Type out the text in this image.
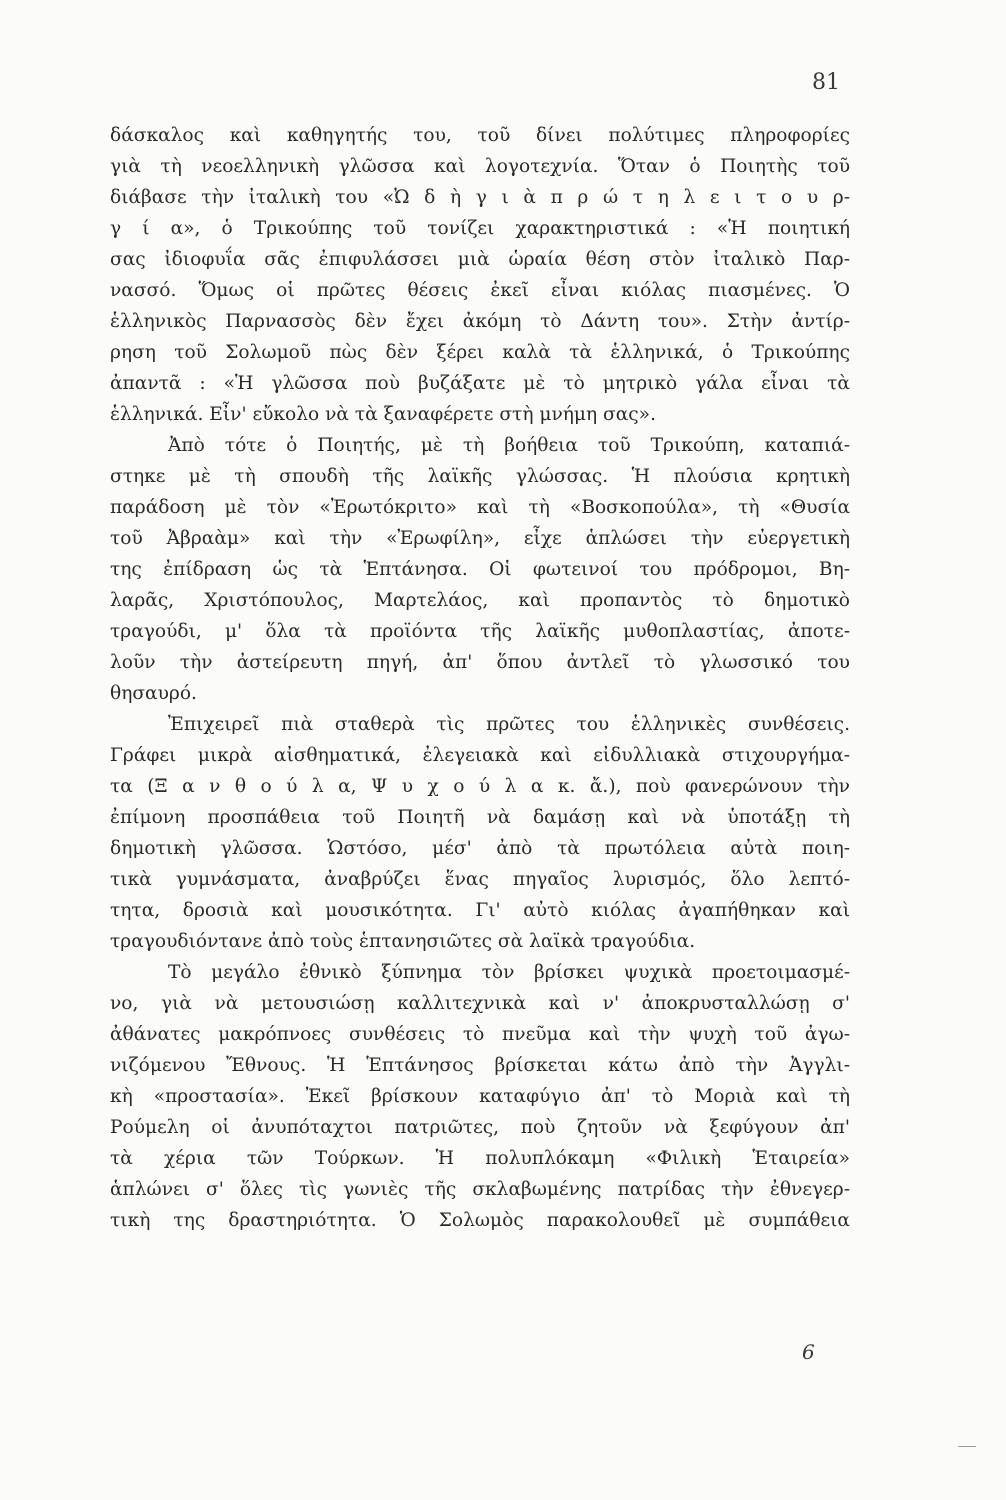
81
δάσκαλος καὶ καθηγητής του, τοῦ δίνει πολύτιμες πληροφορίες
γιὰ τὴ νεοελληνικὴ γλῶσσα καὶ λογοτεχνία. Ὅταν ὁ Ποιητὴς τοῦ
διάβασε τὴν ἰταλικὴ του «Ὠ δ ὴ γ ι ὰ π ρ ώ τ η λ ε ι τ ο υ ρ-
γ ί α», ὁ Τρικούπης τοῦ τονίζει χαρακτηριστικά : «Ἡ ποιητική
σας ἰδιοφυΐα σᾶς ἐπιφυλάσσει μιὰ ὡραία θέση στὸν ἰταλικὸ Παρ-
νασσό. Ὅμως οἱ πρῶτες θέσεις ἐκεῖ εἶναι κιόλας πιασμένες. Ὁ
ἑλληνικὸς Παρνασσὸς δὲν ἔχει ἀκόμη τὸ Δάντη του». Στὴν ἀντίρ-
ρηση τοῦ Σολωμοῦ πὼς δὲν ξέρει καλὰ τὰ ἑλληνικά, ὁ Τρικούπης
ἀπαντᾶ : «Ἡ γλῶσσα ποὺ βυζάξατε μὲ τὸ μητρικὸ γάλα εἶναι τὰ
ἑλληνικά. Εἶν' εὔκολο νὰ τὰ ξαναφέρετε στὴ μνήμη σας».
Ἀπὸ τότε ὁ Ποιητής, μὲ τὴ βοήθεια τοῦ Τρικούπη, καταπιά-
στηκε μὲ τὴ σπουδὴ τῆς λαϊκῆς γλώσσας. Ἡ πλούσια κρητικὴ
παράδοση μὲ τὸν «Ἐρωτόκριτο» καὶ τὴ «Βοσκοπούλα», τὴ «Θυσία
τοῦ Ἀβραὰμ» καὶ τὴν «Ἐρωφίλη», εἶχε ἁπλώσει τὴν εὐεργετικὴ
της ἐπίδραση ὡς τὰ Ἑπτάνησα. Οἱ φωτεινοί του πρόδρομοι, Βη-
λαρᾶς, Χριστόπουλος, Μαρτελάος, καὶ προπαντὸς τὸ δημοτικὸ
τραγούδι, μ' ὅλα τὰ προϊόντα τῆς λαϊκῆς μυθοπλαστίας, ἀποτε-
λοῦν τὴν ἀστείρευτη πηγή, ἀπ' ὅπου ἀντλεῖ τὸ γλωσσικό του
θησαυρό.
Ἐπιχειρεῖ πιὰ σταθερὰ τὶς πρῶτες του ἑλληνικὲς συνθέσεις.
Γράφει μικρὰ αἰσθηματικά, ἐλεγειακὰ καὶ εἰδυλλιακὰ στιχουργήμα-
τα (Ξ α ν θ ο ύ λ α, Ψ υ χ ο ύ λ α κ. ἄ.), ποὺ φανερώνουν τὴν
ἐπίμονη προσπάθεια τοῦ Ποιητῆ νὰ δαμάσῃ καὶ νὰ ὑποτάξῃ τὴ
δημοτικὴ γλῶσσα. Ὡστόσο, μέσ' ἀπὸ τὰ πρωτόλεια αὐτὰ ποιη-
τικὰ γυμνάσματα, ἀναβρύζει ἕνας πηγαῖος λυρισμός, ὅλο λεπτό-
τητα, δροσιὰ καὶ μουσικότητα. Γι' αὐτὸ κιόλας ἀγαπήθηκαν καὶ
τραγουδιόντανε ἀπὸ τοὺς ἑπτανησιῶτες σὰ λαϊκὰ τραγούδια.
Τὸ μεγάλο ἐθνικὸ ξύπνημα τὸν βρίσκει ψυχικὰ προετοιμασμέ-
νο, γιὰ νὰ μετουσιώσῃ καλλιτεχνικὰ καὶ ν' ἀποκρυσταλλώσῃ σ'
ἀθάνατες μακρόπνοες συνθέσεις τὸ πνεῦμα καὶ τὴν ψυχὴ τοῦ ἀγω-
νιζόμενου Ἔθνους. Ἡ Ἑπτάνησος βρίσκεται κάτω ἀπὸ τὴν Ἀγγλι-
κὴ «προστασία». Ἐκεῖ βρίσκουν καταφύγιο ἀπ' τὸ Μοριὰ καὶ τὴ
Ρούμελη οἱ ἀνυπόταχτοι πατριῶτες, ποὺ ζητοῦν νὰ ξεφύγουν ἀπ'
τὰ χέρια τῶν Τούρκων. Ἡ πολυπλόκαμη «Φιλικὴ Ἑταιρεία»
ἁπλώνει σ' ὅλες τὶς γωνιὲς τῆς σκλαβωμένης πατρίδας τὴν ἐθνεγερ-
τικὴ της δραστηριότητα. Ὁ Σολωμὸς παρακολουθεῖ μὲ συμπάθεια
6
